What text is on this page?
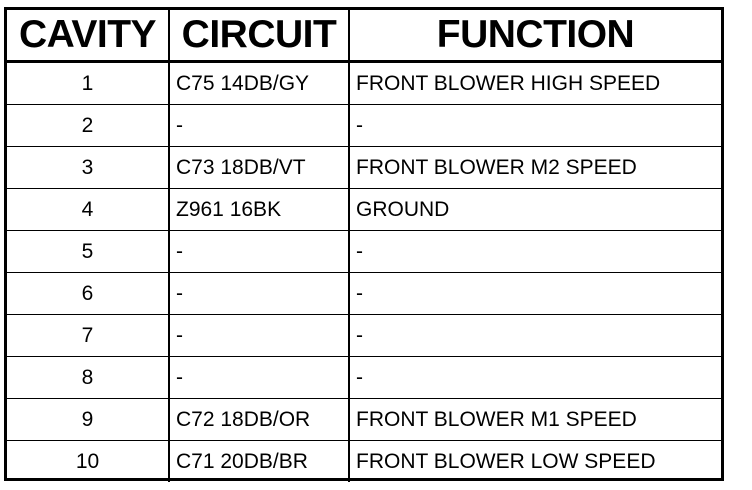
CAVITY	CIRCUIT	FUNCTION
1	C75 14DB/GY	FRONT BLOWER HIGH SPEED
2	-	-
3	C73 18DB/VT	FRONT BLOWER M2 SPEED
4	Z961 16BK	GROUND
5	-	-
6	-	-
7	-	-
8	-	-
9	C72 18DB/OR	FRONT BLOWER M1 SPEED
10	C71 20DB/BR	FRONT BLOWER LOW SPEED
